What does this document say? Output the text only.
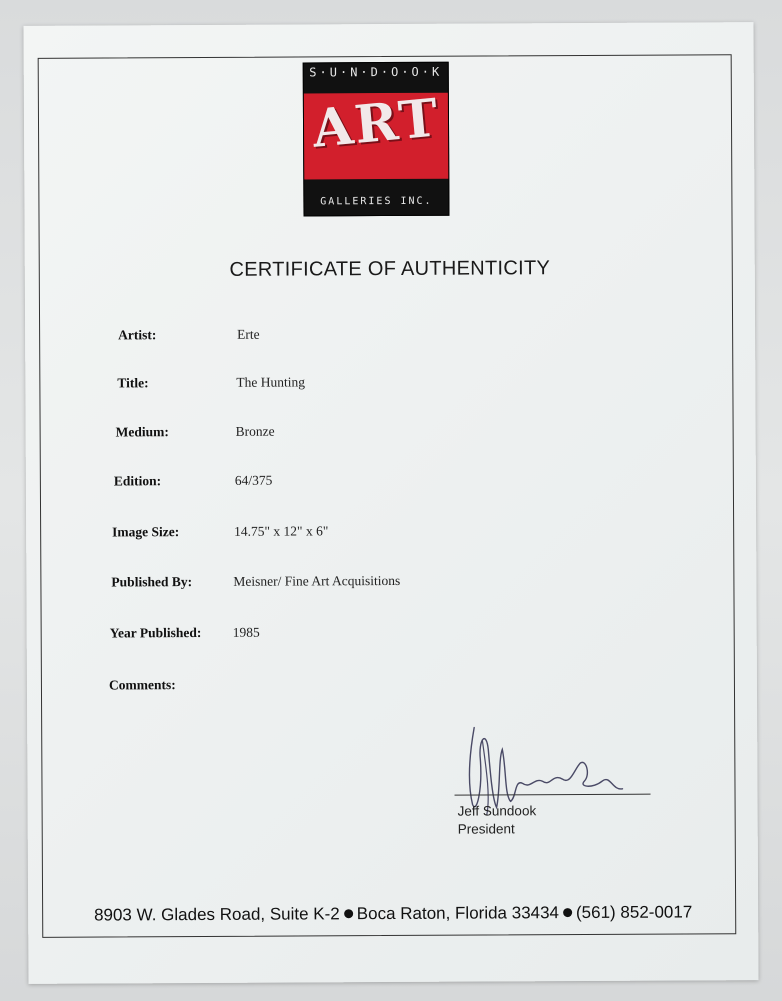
S·U·N·D·O·O·K
ART
GALLERIES INC.
CERTIFICATE OF AUTHENTICITY
Artist:	Erte
Title:	The Hunting
Medium:	Bronze
Edition:	64/375
Image Size:	14.75" x 12" x 6"
Published By:	Meisner/ Fine Art Acquisitions
Year Published: 1985
Comments:
Jeff Sundook
President
8903 W. Glades Road, Suite K-2 Boca Raton, Florida 33434 (561) 852-0017
